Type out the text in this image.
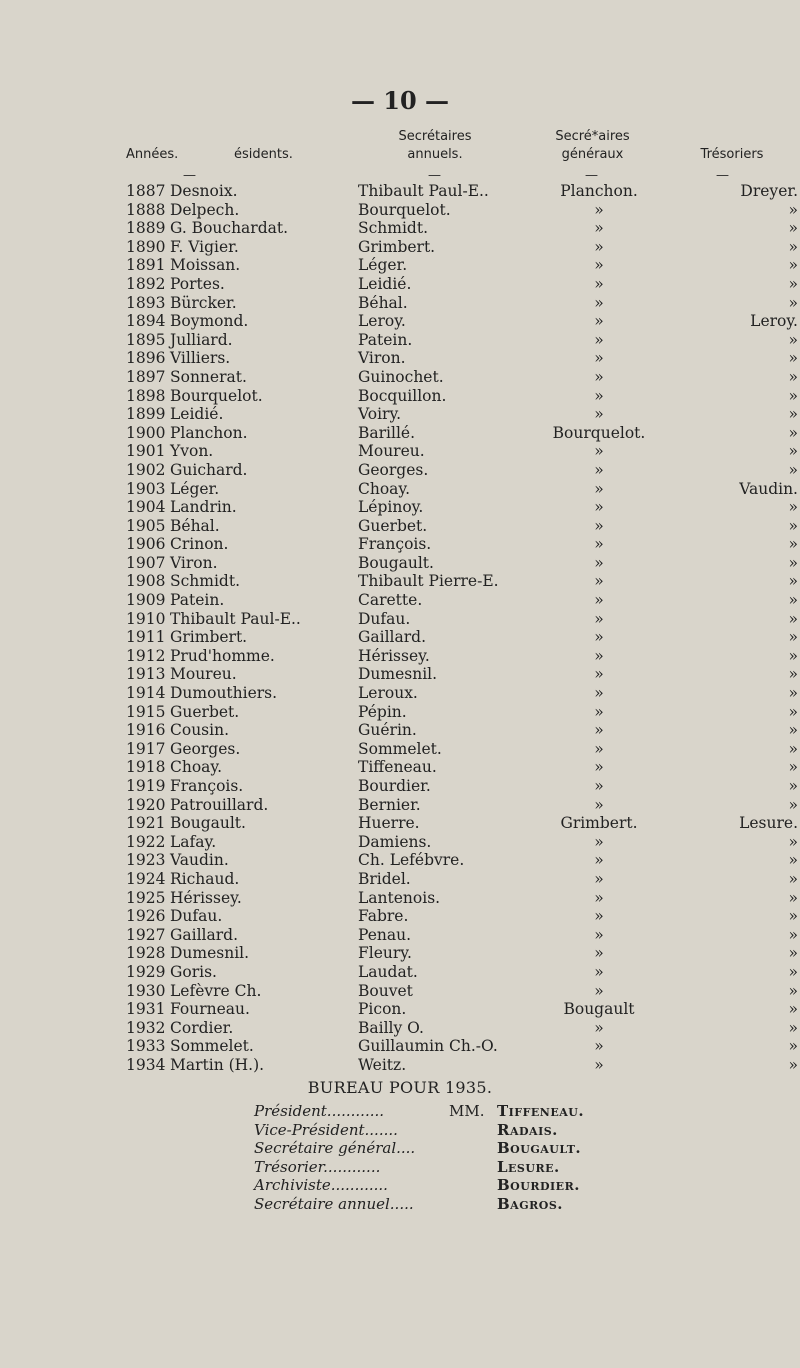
— 10 —
Années.	ésidents.
Secrétaires annuels.
Secré*aires généraux	Trésoriers
—	—	—	—
1887	Desnoix.	Thibault Paul-E..	Planchon.	Dreyer.
1888	Delpech.	Bourquelot.	»	»
1889	G. Bouchardat.	Schmidt.	»	»
1890	F. Vigier.	Grimbert.	»	»
1891	Moissan.	Léger.	»	»
1892	Portes.	Leidié.	»	»
1893	Bürcker.	Béhal.	»	»
1894	Boymond.	Leroy.	»	Leroy.
1895	Julliard.	Patein.	»	»
1896	Villiers.	Viron.	»	»
1897	Sonnerat.	Guinochet.	»	»
1898	Bourquelot.	Bocquillon.	»	»
1899	Leidié.	Voiry.	»	»
1900	Planchon.	Barillé.	Bourquelot.	»
1901	Yvon.	Moureu.	»	»
1902	Guichard.	Georges.	»	»
1903	Léger.	Choay.	»	Vaudin.
1904	Landrin.	Lépinoy.	»	»
1905	Béhal.	Guerbet.	»	»
1906	Crinon.	François.	»	»
1907	Viron.	Bougault.	»	»
1908	Schmidt.	Thibault Pierre-E.	»	»
1909	Patein.	Carette.	»	»
1910	Thibault Paul-E..	Dufau.	»	»
1911	Grimbert.	Gaillard.	»	»
1912	Prud'homme.	Hérissey.	»	»
1913	Moureu.	Dumesnil.	»	»
1914	Dumouthiers.	Leroux.	»	»
1915	Guerbet.	Pépin.	»	»
1916	Cousin.	Guérin.	»	»
1917	Georges.	Sommelet.	»	»
1918	Choay.	Tiffeneau.	»	»
1919	François.	Bourdier.	»	»
1920	Patrouillard.	Bernier.	»	»
1921	Bougault.	Huerre.	Grimbert.	Lesure.
1922	Lafay.	Damiens.	»	»
1923	Vaudin.	Ch. Lefébvre.	»	»
1924	Richaud.	Bridel.	»	»
1925	Hérissey.	Lantenois.	»	»
1926	Dufau.	Fabre.	»	»
1927	Gaillard.	Penau.	»	»
1928	Dumesnil.	Fleury.	»	»
1929	Goris.	Laudat.	»	»
1930	Lefèvre Ch.	Bouvet	»	»
1931	Fourneau.	Picon.	Bougault	»
1932	Cordier.	Bailly O.	»	»
1933	Sommelet.	Guillaumin Ch.-O.	»	»
1934	Martin (H.).	Weitz.	»	»
BUREAU POUR 1935.
Président............	MM.	Tiffeneau.
Vice-Président.......		Radais.
Secrétaire général....		Bougault.
Trésorier............		Lesure.
Archiviste............		Bourdier.
Secrétaire annuel.....		Bagros.
